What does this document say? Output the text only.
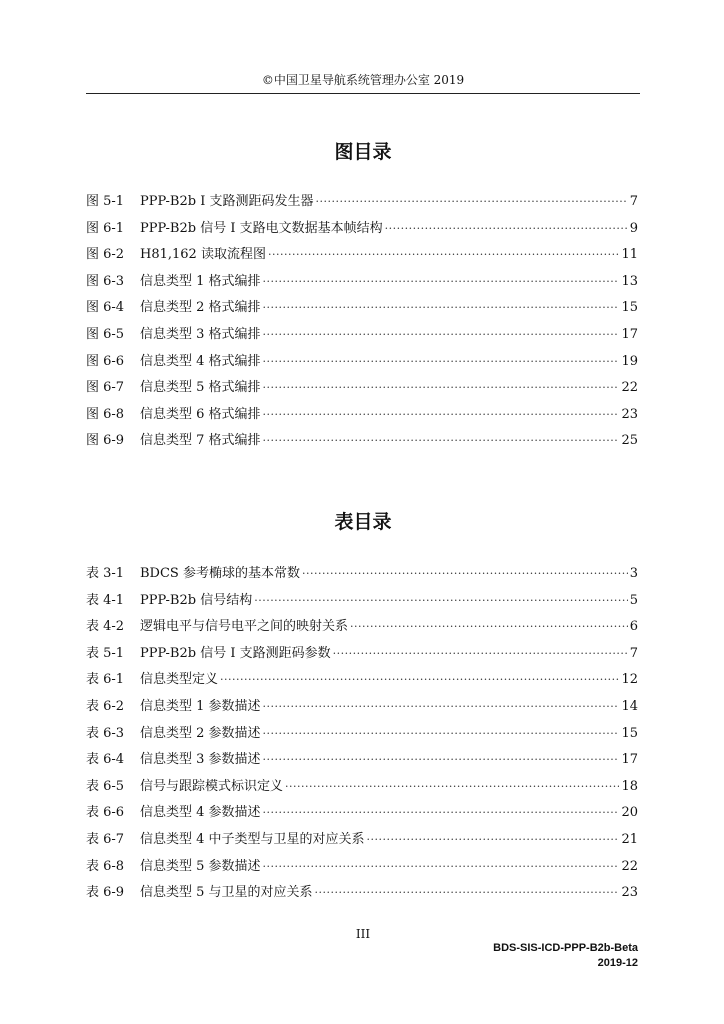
©中国卫星导航系统管理办公室 2019
图目录
图 5-1	PPP-B2b I 支路测距码发生器 ·····	7
图 6-1	PPP-B2b 信号 I 支路电文数据基本帧结构 ·····	9
图 6-2	H81,162 读取流程图 ·····	11
图 6-3	信息类型 1 格式编排 ·····	13
图 6-4	信息类型 2 格式编排 ·····	15
图 6-5	信息类型 3 格式编排 ·····	17
图 6-6	信息类型 4 格式编排 ·····	19
图 6-7	信息类型 5 格式编排 ·····	22
图 6-8	信息类型 6 格式编排 ·····	23
图 6-9	信息类型 7 格式编排 ·····	25
表目录
表 3-1	BDCS 参考椭球的基本常数 ·····	3
表 4-1	PPP-B2b 信号结构 ·····	5
表 4-2	逻辑电平与信号电平之间的映射关系 ·····	6
表 5-1	PPP-B2b 信号 I 支路测距码参数 ·····	7
表 6-1	信息类型定义 ·····	12
表 6-2	信息类型 1 参数描述 ·····	14
表 6-3	信息类型 2 参数描述 ·····	15
表 6-4	信息类型 3 参数描述 ·····	17
表 6-5	信号与跟踪模式标识定义 ·····	18
表 6-6	信息类型 4 参数描述 ·····	20
表 6-7	信息类型 4 中子类型与卫星的对应关系 ·····	21
表 6-8	信息类型 5 参数描述 ·····	22
表 6-9	信息类型 5 与卫星的对应关系 ·····	23
III
BDS-SIS-ICD-PPP-B2b-Beta
2019-12
